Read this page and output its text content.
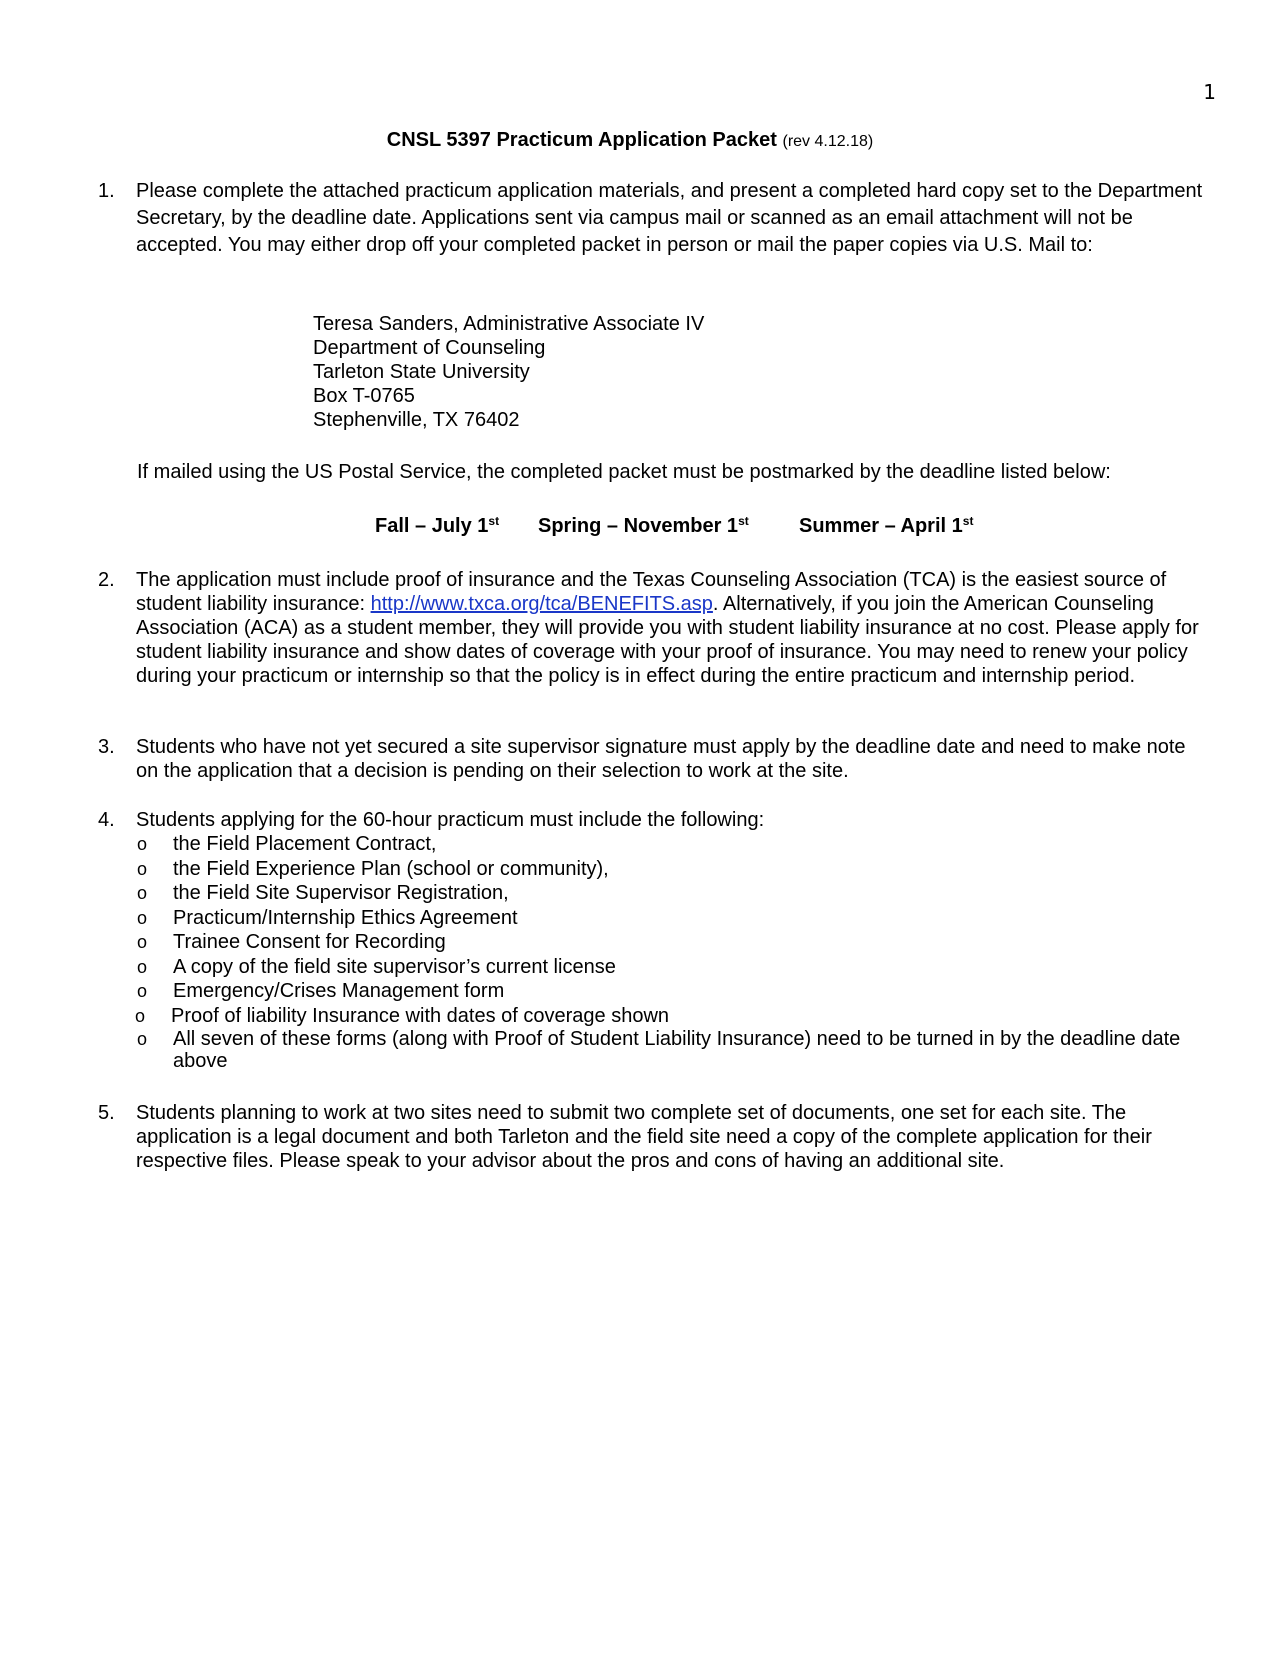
1
CNSL 5397 Practicum Application Packet (rev 4.12.18)
1.	Please complete the attached practicum application materials, and present a completed hard copy set to the Department Secretary, by the deadline date. Applications sent via campus mail or scanned as an email attachment will not be accepted. You may either drop off your completed packet in person or mail the paper copies via U.S. Mail to:
Teresa Sanders, Administrative Associate IV
Department of Counseling
Tarleton State University
Box T-0765
Stephenville, TX 76402
If mailed using the US Postal Service, the completed packet must be postmarked by the deadline listed below:
Fall – July 1st Spring – November 1st	Summer – April 1st
2.	The application must include proof of insurance and the Texas Counseling Association (TCA) is the easiest source of student liability insurance: http://www.txca.org/tca/BENEFITS.asp. Alternatively, if you join the American Counseling Association (ACA) as a student member, they will provide you with student liability insurance at no cost. Please apply for student liability insurance and show dates of coverage with your proof of insurance. You may need to renew your policy during your practicum or internship so that the policy is in effect during the entire practicum and internship period.
3.	Students who have not yet secured a site supervisor signature must apply by the deadline date and need to make note on the application that a decision is pending on their selection to work at the site.
4.	Students applying for the 60-hour practicum must include the following:
o the Field Placement Contract,
o the Field Experience Plan (school or community),
o the Field Site Supervisor Registration,
o Practicum/Internship Ethics Agreement
o Trainee Consent for Recording
o A copy of the field site supervisor’s current license
o Emergency/Crises Management form
o Proof of liability Insurance with dates of coverage shown
o All seven of these forms (along with Proof of Student Liability Insurance) need to be turned in by the deadline date above
5.	Students planning to work at two sites need to submit two complete set of documents, one set for each site. The application is a legal document and both Tarleton and the field site need a copy of the complete application for their respective files. Please speak to your advisor about the pros and cons of having an additional site.
